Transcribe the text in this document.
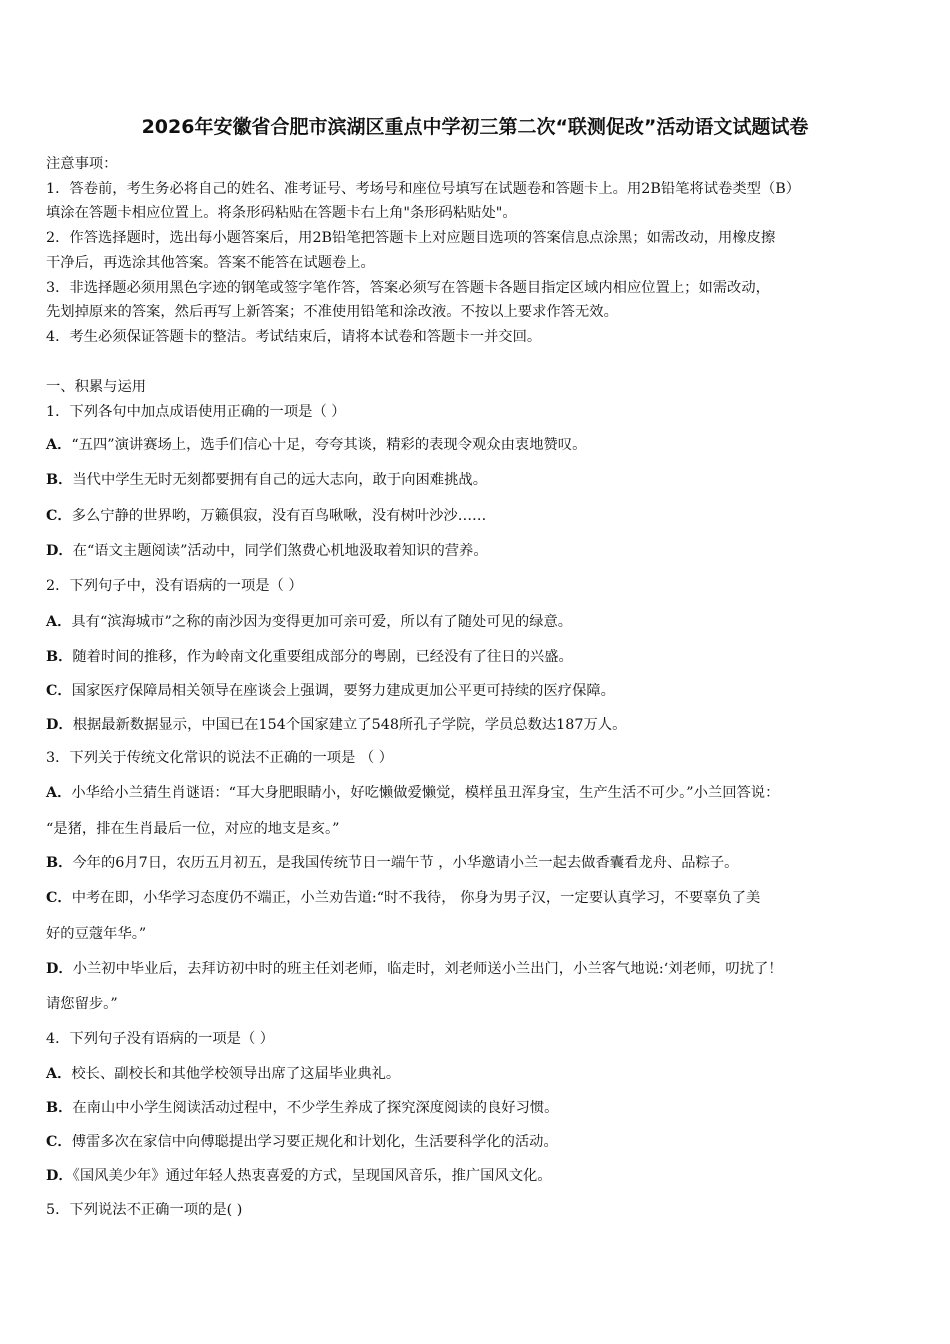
2026年安徽省合肥市滨湖区重点中学初三第二次“联测促改”活动语文试题试卷
注意事项：
1．答卷前，考生务必将自己的姓名、准考证号、考场号和座位号填写在试题卷和答题卡上。用2B铅笔将试卷类型（B）
填涂在答题卡相应位置上。将条形码粘贴在答题卡右上角"条形码粘贴处"。
2．作答选择题时，选出每小题答案后，用2B铅笔把答题卡上对应题目选项的答案信息点涂黑；如需改动，用橡皮擦
干净后，再选涂其他答案。答案不能答在试题卷上。
3．非选择题必须用黑色字迹的钢笔或签字笔作答，答案必须写在答题卡各题目指定区域内相应位置上；如需改动，
先划掉原来的答案，然后再写上新答案；不准使用铅笔和涂改液。不按以上要求作答无效。
4．考生必须保证答题卡的整洁。考试结束后，请将本试卷和答题卡一并交回。
一、积累与运用
1．下列各句中加点成语使用正确的一项是（ ）
A．“五四”演讲赛场上，选手们信心十足，夸夸其谈，精彩的表现令观众由衷地赞叹。
B．当代中学生无时无刻都要拥有自己的远大志向，敢于向困难挑战。
C．多么宁静的世界哟，万籁俱寂，没有百鸟啾啾，没有树叶沙沙……
D．在“语文主题阅读”活动中，同学们煞费心机地汲取着知识的营养。
2．下列句子中，没有语病的一项是（ ）
A．具有“滨海城市”之称的南沙因为变得更加可亲可爱，所以有了随处可见的绿意。
B．随着时间的推移，作为岭南文化重要组成部分的粤剧，已经没有了往日的兴盛。
C．国家医疗保障局相关领导在座谈会上强调，要努力建成更加公平更可持续的医疗保障。
D．根据最新数据显示，中国已在154个国家建立了548所孔子学院，学员总数达187万人。
3．下列关于传统文化常识的说法不正确的一项是 （ ）
A．小华给小兰猜生肖谜语：“耳大身肥眼睛小，好吃懒做爱懒觉，模样虽丑浑身宝，生产生活不可少。”小兰回答说：
“是猪，排在生肖最后一位，对应的地支是亥。”
B．今年的6月7日，农历五月初五，是我国传统节日一端午节 ，小华邀请小兰一起去做香囊看龙舟、品粽子。
C．中考在即，小华学习态度仍不端正，小兰劝告道:“时不我待， 你身为男子汉，一定要认真学习，不要辜负了美
好的豆蔻年华。”
D．小兰初中毕业后，去拜访初中时的班主任刘老师，临走时，刘老师送小兰出门，小兰客气地说:‘刘老师，叨扰了！
请您留步。”
4．下列句子没有语病的一项是（ ）
A．校长、副校长和其他学校领导出席了这届毕业典礼。
B．在南山中小学生阅读活动过程中，不少学生养成了探究深度阅读的良好习惯。
C．傅雷多次在家信中向傅聪提出学习要正规化和计划化，生活要科学化的活动。
D．《国风美少年》通过年轻人热衷喜爱的方式，呈现国风音乐，推广国风文化。
5．下列说法不正确一项的是( )
